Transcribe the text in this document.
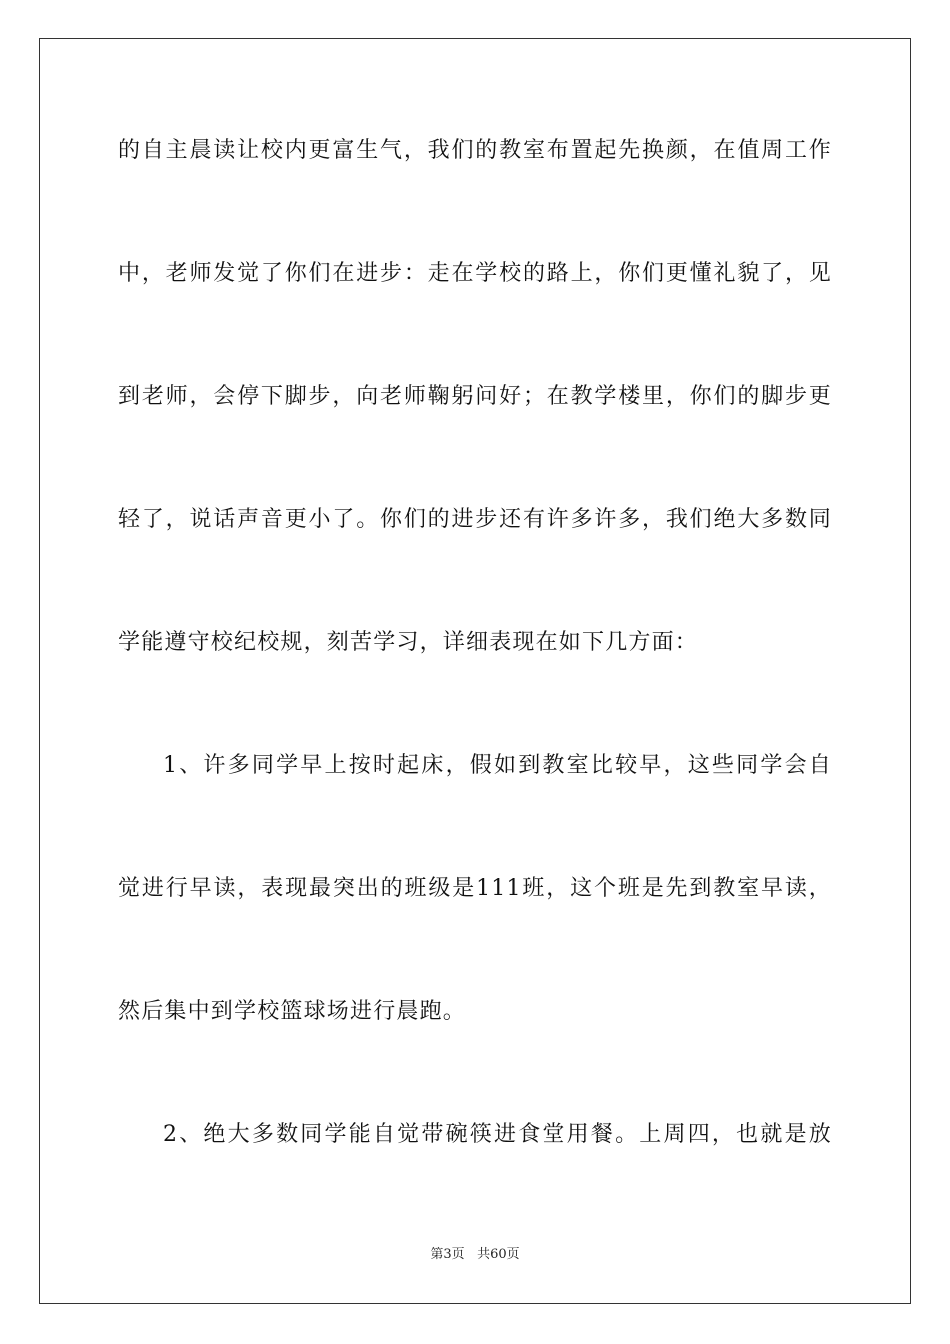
的自主晨读让校内更富生气，我们的教室布置起先换颜，在值周工作
中，老师发觉了你们在进步：走在学校的路上，你们更懂礼貌了，见
到老师，会停下脚步，向老师鞠躬问好；在教学楼里，你们的脚步更
轻了，说话声音更小了。你们的进步还有许多许多，我们绝大多数同
学能遵守校纪校规，刻苦学习，详细表现在如下几方面：
1、许多同学早上按时起床，假如到教室比较早，这些同学会自
觉进行早读，表现最突出的班级是111班，这个班是先到教室早读，
然后集中到学校篮球场进行晨跑。
2、绝大多数同学能自觉带碗筷进食堂用餐。上周四，也就是放
第3页 共60页
